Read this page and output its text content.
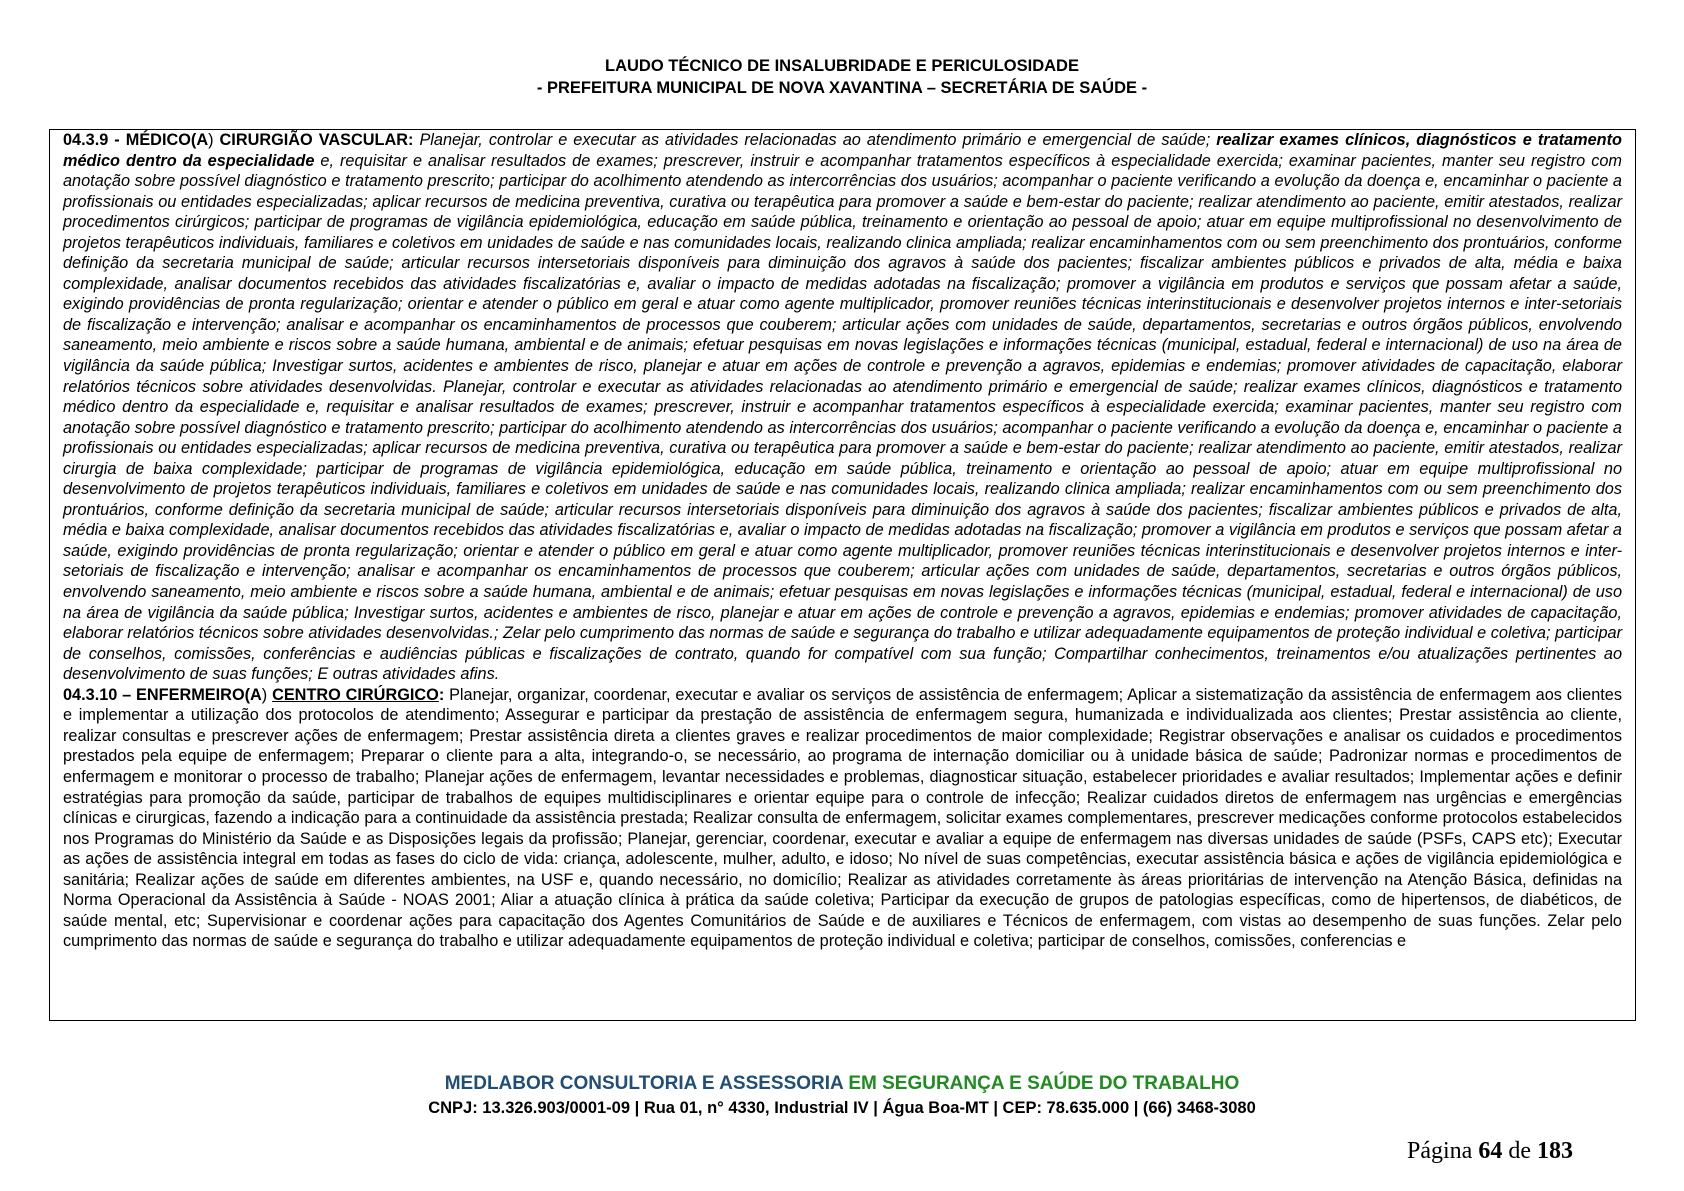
LAUDO TÉCNICO DE INSALUBRIDADE E PERICULOSIDADE
- PREFEITURA MUNICIPAL DE NOVA XAVANTINA – SECRETÁRIA DE SAÚDE -

04.3.9 - MÉDICO(A) CIRURGIÃO VASCULAR: Planejar, controlar e executar as atividades relacionadas ao atendimento primário e emergencial de saúde; realizar exames clínicos, diagnósticos e tratamento médico dentro da especialidade e, requisitar e analisar resultados de exames; prescrever, instruir e acompanhar tratamentos específicos à especialidade exercida; examinar pacientes, manter seu registro com anotação sobre possível diagnóstico e tratamento prescrito; participar do acolhimento atendendo as intercorrências dos usuários; acompanhar o paciente verificando a evolução da doença e, encaminhar o paciente a profissionais ou entidades especializadas; aplicar recursos de medicina preventiva, curativa ou terapêutica para promover a saúde e bem-estar do paciente; realizar atendimento ao paciente, emitir atestados, realizar procedimentos cirúrgicos; participar de programas de vigilância epidemiológica, educação em saúde pública, treinamento e orientação ao pessoal de apoio; atuar em equipe multiprofissional no desenvolvimento de projetos terapêuticos individuais, familiares e coletivos em unidades de saúde e nas comunidades locais, realizando clinica ampliada; realizar encaminhamentos com ou sem preenchimento dos prontuários, conforme definição da secretaria municipal de saúde; articular recursos intersetoriais disponíveis para diminuição dos agravos à saúde dos pacientes; fiscalizar ambientes públicos e privados de alta, média e baixa complexidade, analisar documentos recebidos das atividades fiscalizatórias e, avaliar o impacto de medidas adotadas na fiscalização; promover a vigilância em produtos e serviços que possam afetar a saúde, exigindo providências de pronta regularização; orientar e atender o público em geral e atuar como agente multiplicador, promover reuniões técnicas interinstitucionais e desenvolver projetos internos e inter-setoriais de fiscalização e intervenção; analisar e acompanhar os encaminhamentos de processos que couberem; articular ações com unidades de saúde, departamentos, secretarias e outros órgãos públicos, envolvendo saneamento, meio ambiente e riscos sobre a saúde humana, ambiental e de animais; efetuar pesquisas em novas legislações e informações técnicas (municipal, estadual, federal e internacional) de uso na área de vigilância da saúde pública; Investigar surtos, acidentes e ambientes de risco, planejar e atuar em ações de controle e prevenção a agravos, epidemias e endemias; promover atividades de capacitação, elaborar relatórios técnicos sobre atividades desenvolvidas. Planejar, controlar e executar as atividades relacionadas ao atendimento primário e emergencial de saúde; realizar exames clínicos, diagnósticos e tratamento médico dentro da especialidade e, requisitar e analisar resultados de exames; prescrever, instruir e acompanhar tratamentos específicos à especialidade exercida; examinar pacientes, manter seu registro com anotação sobre possível diagnóstico e tratamento prescrito; participar do acolhimento atendendo as intercorrências dos usuários; acompanhar o paciente verificando a evolução da doença e, encaminhar o paciente a profissionais ou entidades especializadas; aplicar recursos de medicina preventiva, curativa ou terapêutica para promover a saúde e bem-estar do paciente; realizar atendimento ao paciente, emitir atestados, realizar cirurgia de baixa complexidade; participar de programas de vigilância epidemiológica, educação em saúde pública, treinamento e orientação ao pessoal de apoio; atuar em equipe multiprofissional no desenvolvimento de projetos terapêuticos individuais, familiares e coletivos em unidades de saúde e nas comunidades locais, realizando clinica ampliada; realizar encaminhamentos com ou sem preenchimento dos prontuários, conforme definição da secretaria municipal de saúde; articular recursos intersetoriais disponíveis para diminuição dos agravos à saúde dos pacientes; fiscalizar ambientes públicos e privados de alta, média e baixa complexidade, analisar documentos recebidos das atividades fiscalizatórias e, avaliar o impacto de medidas adotadas na fiscalização; promover a vigilância em produtos e serviços que possam afetar a saúde, exigindo providências de pronta regularização; orientar e atender o público em geral e atuar como agente multiplicador, promover reuniões técnicas interinstitucionais e desenvolver projetos internos e inter-setoriais de fiscalização e intervenção; analisar e acompanhar os encaminhamentos de processos que couberem; articular ações com unidades de saúde, departamentos, secretarias e outros órgãos públicos, envolvendo saneamento, meio ambiente e riscos sobre a saúde humana, ambiental e de animais; efetuar pesquisas em novas legislações e informações técnicas (municipal, estadual, federal e internacional) de uso na área de vigilância da saúde pública; Investigar surtos, acidentes e ambientes de risco, planejar e atuar em ações de controle e prevenção a agravos, epidemias e endemias; promover atividades de capacitação, elaborar relatórios técnicos sobre atividades desenvolvidas.; Zelar pelo cumprimento das normas de saúde e segurança do trabalho e utilizar adequadamente equipamentos de proteção individual e coletiva; participar de conselhos, comissões, conferências e audiências públicas e fiscalizações de contrato, quando for compatível com sua função; Compartilhar conhecimentos, treinamentos e/ou atualizações pertinentes ao desenvolvimento de suas funções; E outras atividades afins.

04.3.10 – ENFERMEIRO(A) CENTRO CIRÚRGICO: Planejar, organizar, coordenar, executar e avaliar os serviços de assistência de enfermagem; Aplicar a sistematização da assistência de enfermagem aos clientes e implementar a utilização dos protocolos de atendimento; Assegurar e participar da prestação de assistência de enfermagem segura, humanizada e individualizada aos clientes; Prestar assistência ao cliente, realizar consultas e prescrever ações de enfermagem; Prestar assistência direta a clientes graves e realizar procedimentos de maior complexidade; Registrar observações e analisar os cuidados e procedimentos prestados pela equipe de enfermagem; Preparar o cliente para a alta, integrando-o, se necessário, ao programa de internação domiciliar ou à unidade básica de saúde; Padronizar normas e procedimentos de enfermagem e monitorar o processo de trabalho; Planejar ações de enfermagem, levantar necessidades e problemas, diagnosticar situação, estabelecer prioridades e avaliar resultados; Implementar ações e definir estratégias para promoção da saúde, participar de trabalhos de equipes multidisciplinares e orientar equipe para o controle de infecção; Realizar cuidados diretos de enfermagem nas urgências e emergências clínicas e cirurgicas, fazendo a indicação para a continuidade da assistência prestada; Realizar consulta de enfermagem, solicitar exames complementares, prescrever medicações conforme protocolos estabelecidos nos Programas do Ministério da Saúde e as Disposições legais da profissão; Planejar, gerenciar, coordenar, executar e avaliar a equipe de enfermagem nas diversas unidades de saúde (PSFs, CAPS etc); Executar as ações de assistência integral em todas as fases do ciclo de vida: criança, adolescente, mulher, adulto, e idoso; No nível de suas competências, executar assistência básica e ações de vigilância epidemiológica e sanitária; Realizar ações de saúde em diferentes ambientes, na USF e, quando necessário, no domicílio; Realizar as atividades corretamente às áreas prioritárias de intervenção na Atenção Básica, definidas na Norma Operacional da Assistência à Saúde - NOAS 2001; Aliar a atuação clínica à prática da saúde coletiva; Participar da execução de grupos de patologias específicas, como de hipertensos, de diabéticos, de saúde mental, etc; Supervisionar e coordenar ações para capacitação dos Agentes Comunitários de Saúde e de auxiliares e Técnicos de enfermagem, com vistas ao desempenho de suas funções. Zelar pelo cumprimento das normas de saúde e segurança do trabalho e utilizar adequadamente equipamentos de proteção individual e coletiva; participar de conselhos, comissões, conferencias e

MEDLABOR CONSULTORIA E ASSESSORIA EM SEGURANÇA E SAÚDE DO TRABALHO
CNPJ: 13.326.903/0001-09 | Rua 01, n° 4330, Industrial IV | Água Boa-MT | CEP: 78.635.000 | (66) 3468-3080
Página 64 de 183
